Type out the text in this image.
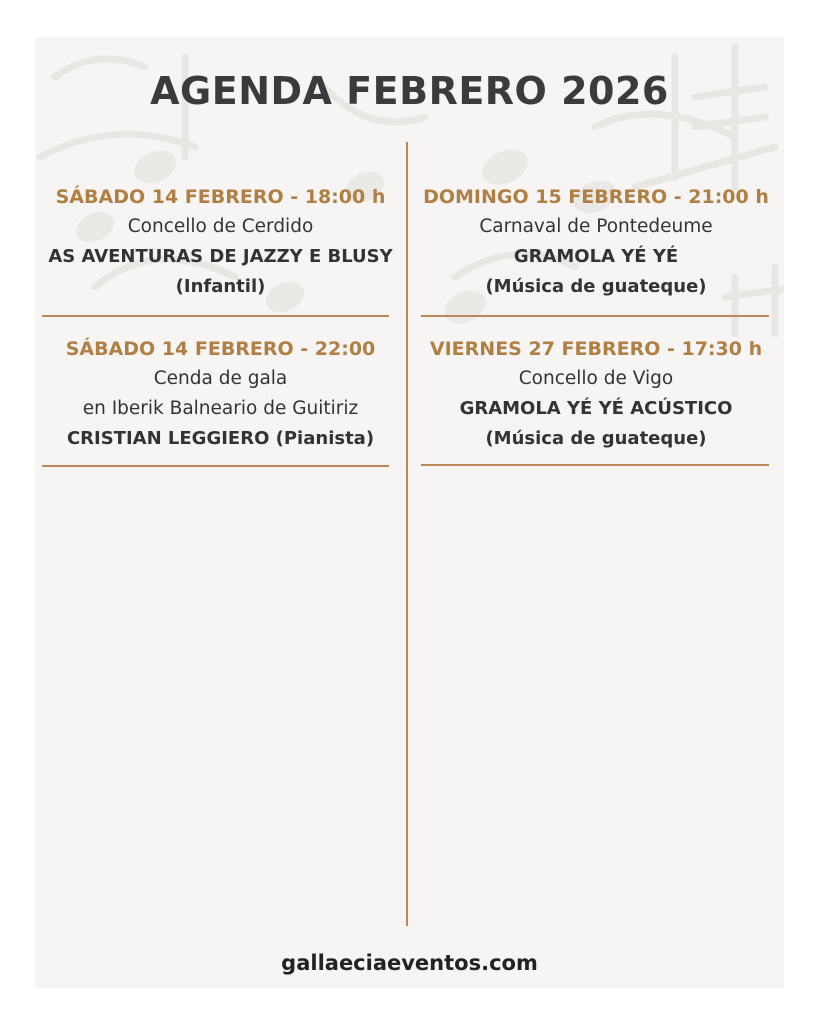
AGENDA FEBRERO 2026
SÁBADO 14 FEBRERO - 18:00 h
Concello de Cerdido
AS AVENTURAS DE JAZZY E BLUSY
(Infantil)
DOMINGO 15 FEBRERO - 21:00 h
Carnaval de Pontedeume
GRAMOLA YÉ YÉ
(Música de guateque)
SÁBADO 14 FEBRERO - 22:00
Cenda de gala
en Iberik Balneario de Guitiriz
CRISTIAN LEGGIERO (Pianista)
VIERNES 27 FEBRERO - 17:30 h
Concello de Vigo
GRAMOLA YÉ YÉ ACÚSTICO
(Música de guateque)
gallaeciaeventos.com
